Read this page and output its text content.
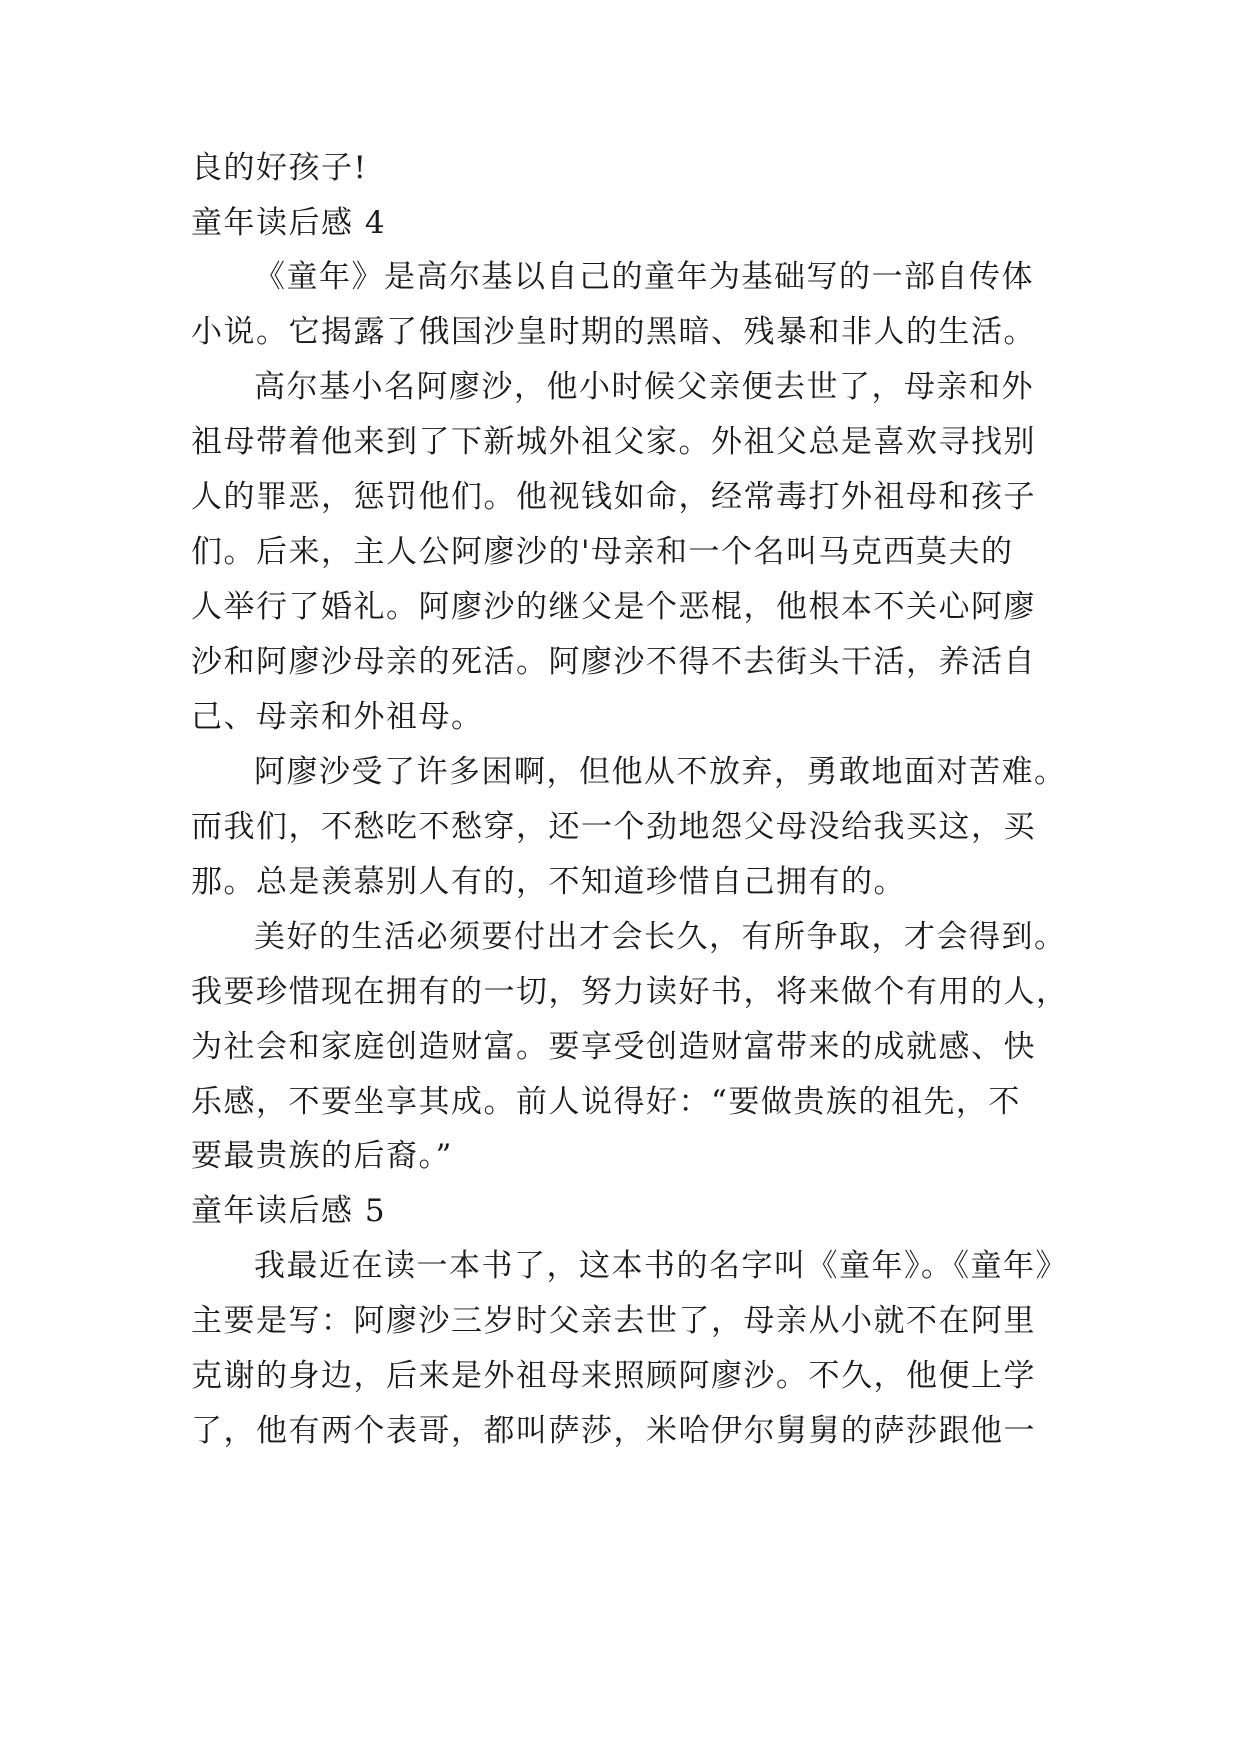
良的好孩子!
童年读后感 4
《童年》是高尔基以自己的童年为基础写的一部自传体
小说。它揭露了俄国沙皇时期的黑暗、残暴和非人的生活。
高尔基小名阿廖沙，他小时候父亲便去世了，母亲和外
祖母带着他来到了下新城外祖父家。外祖父总是喜欢寻找别
人的罪恶，惩罚他们。他视钱如命，经常毒打外祖母和孩子
们。后来，主人公阿廖沙的'母亲和一个名叫马克西莫夫的
人举行了婚礼。阿廖沙的继父是个恶棍，他根本不关心阿廖
沙和阿廖沙母亲的死活。阿廖沙不得不去街头干活，养活自
己、母亲和外祖母。
阿廖沙受了许多困啊，但他从不放弃，勇敢地面对苦难。
而我们，不愁吃不愁穿，还一个劲地怨父母没给我买这，买
那。总是羡慕别人有的，不知道珍惜自己拥有的。
美好的生活必须要付出才会长久，有所争取，才会得到。
我要珍惜现在拥有的一切，努力读好书，将来做个有用的人，
为社会和家庭创造财富。要享受创造财富带来的成就感、快
乐感，不要坐享其成。前人说得好：“要做贵族的祖先，不
要最贵族的后裔。”
童年读后感 5
我最近在读一本书了，这本书的名字叫《童年》。《童年》
主要是写：阿廖沙三岁时父亲去世了，母亲从小就不在阿里
克谢的身边，后来是外祖母来照顾阿廖沙。不久，他便上学
了，他有两个表哥，都叫萨莎，米哈伊尔舅舅的萨莎跟他一
